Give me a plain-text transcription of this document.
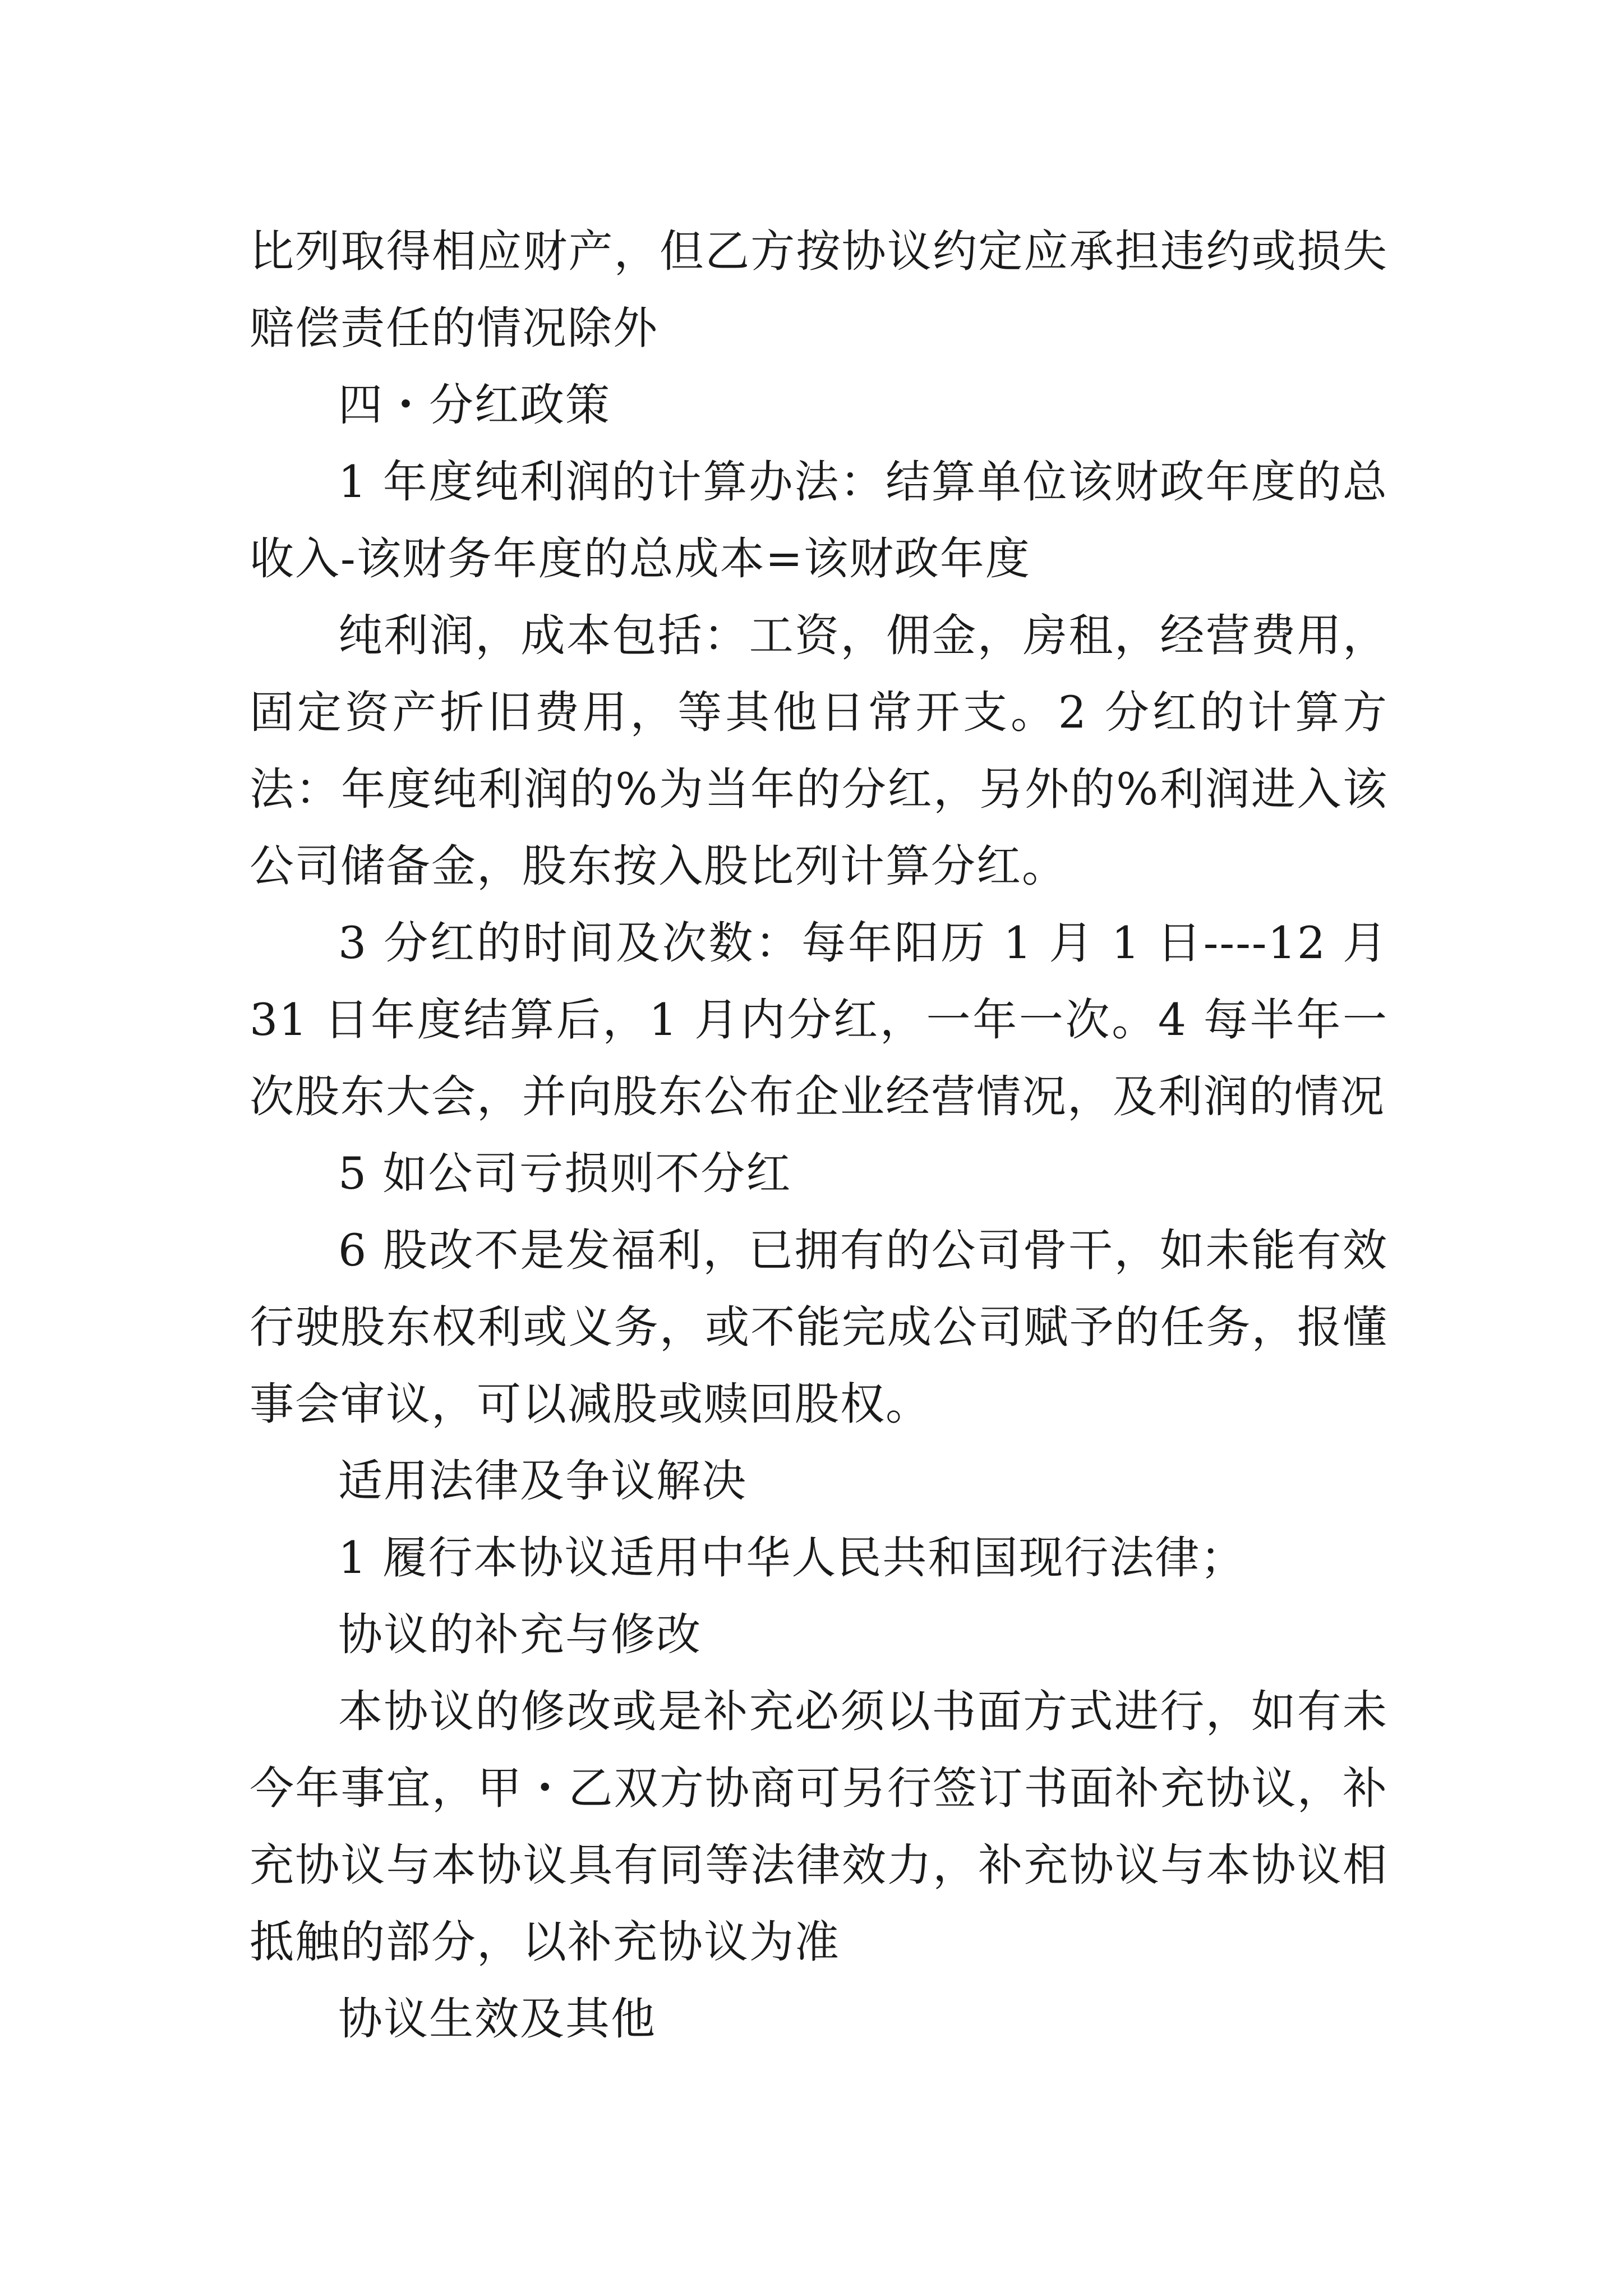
比列取得相应财产，但乙方按协议约定应承担违约或损失赔偿责任的情况除外

四・分红政策

1 年度纯利润的计算办法：结算单位该财政年度的总收入-该财务年度的总成本=该财政年度

纯利润，成本包括：工资，佣金，房租，经营费用，固定资产折旧费用，等其他日常开支。2 分红的计算方法：年度纯利润的%为当年的分红，另外的%利润进入该公司储备金，股东按入股比列计算分红。

3 分红的时间及次数：每年阳历 1 月 1 日----12 月 31 日年度结算后，1 月内分红，一年一次。4 每半年一次股东大会，并向股东公布企业经营情况，及利润的情况

5 如公司亏损则不分红

6 股改不是发福利，已拥有的公司骨干，如未能有效行驶股东权利或义务，或不能完成公司赋予的任务，报懂事会审议，可以减股或赎回股权。

适用法律及争议解决

1 履行本协议适用中华人民共和国现行法律；

协议的补充与修改

本协议的修改或是补充必须以书面方式进行，如有未今年事宜，甲・乙双方协商可另行签订书面补充协议，补充协议与本协议具有同等法律效力，补充协议与本协议相抵触的部分，以补充协议为准

协议生效及其他
